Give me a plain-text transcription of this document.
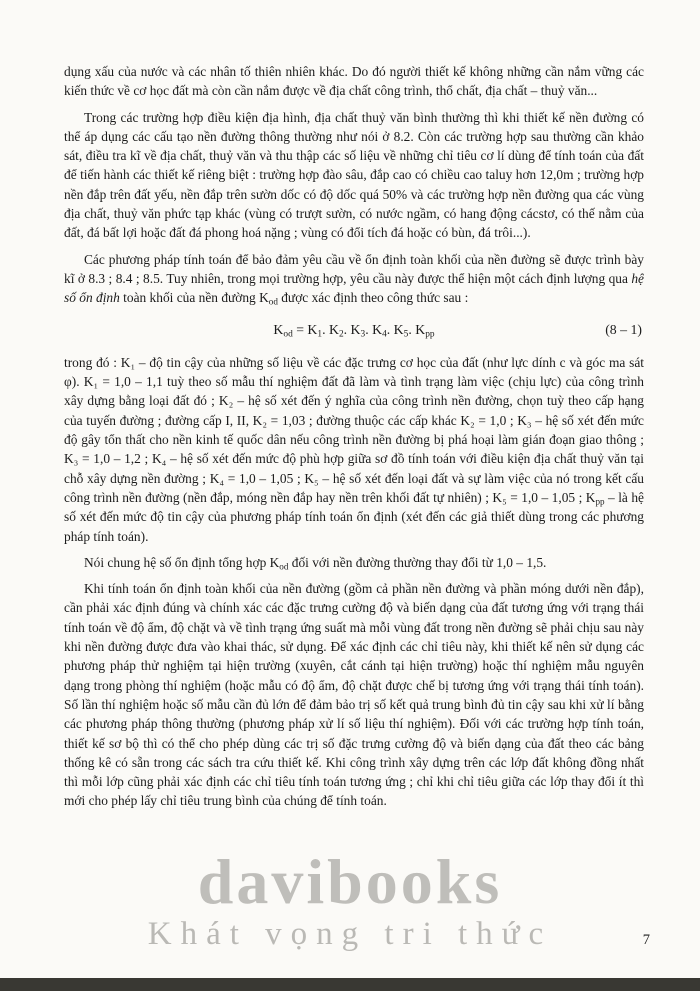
davibooks
Khát vọng tri thức

dụng xấu của nước và các nhân tố thiên nhiên khác. Do đó người thiết kế không những cần nắm vững các kiến thức về cơ học đất mà còn cần nắm được về địa chất công trình, thổ chất, địa chất – thuỷ văn...

Trong các trường hợp điều kiện địa hình, địa chất thuỷ văn bình thường thì khi thiết kế nền đường có thể áp dụng các cấu tạo nền đường thông thường như nói ở 8.2. Còn các trường hợp sau thường cần khảo sát, điều tra kĩ về địa chất, thuỷ văn và thu thập các số liệu về những chỉ tiêu cơ lí dùng để tính toán của đất để tiến hành các thiết kế riêng biệt : trường hợp đào sâu, đắp cao có chiều cao taluy hơn 12,0m ; trường hợp nền đắp trên đất yếu, nền đắp trên sườn dốc có độ dốc quá 50% và các trường hợp nền đường qua các vùng địa chất, thuỷ văn phức tạp khác (vùng có trượt sườn, có nước ngầm, có hang động cácstơ, có thế nằm của đất, đá bất lợi hoặc đất đá phong hoá nặng ; vùng có đổi tích đá hoặc có bùn, đá trôi...).

Các phương pháp tính toán để bảo đảm yêu cầu về ổn định toàn khối của nền đường sẽ được trình bày kĩ ở 8.3 ; 8.4 ; 8.5. Tuy nhiên, trong mọi trường hợp, yêu cầu này được thể hiện một cách định lượng qua hệ số ổn định toàn khối của nền đường $K_{od}$ được xác định theo công thức sau :

$K_{od} = K_1$. $K_2$. $K_3$. $K_4$. $K_5$. $K_{pp}$	(8 – 1)

trong đó : K₁ – độ tin cậy của những số liệu về các đặc trưng cơ học của đất (như lực dính c và góc ma sát φ). K₁ = 1,0 – 1,1 tuỳ theo số mẫu thí nghiệm đất đã làm và tình trạng làm việc (chịu lực) của công trình xây dựng bằng loại đất đó ; K₂ – hệ số xét đến ý nghĩa của công trình nền đường, chọn tuỳ theo cấp hạng của tuyến đường ; đường cấp I, II, K₂ = 1,03 ; đường thuộc các cấp khác K₂ = 1,0 ; K₃ – hệ số xét đến mức độ gây tổn thất cho nền kinh tế quốc dân nếu công trình nền đường bị phá hoại làm gián đoạn giao thông ; K₃ = 1,0 – 1,2 ; K₄ – hệ số xét đến mức độ phù hợp giữa sơ đồ tính toán với điều kiện địa chất thuỷ văn tại chỗ xây dựng nền đường ; K₄ = 1,0 – 1,05 ; K₅ – hệ số xét đến loại đất và sự làm việc của nó trong kết cấu công trình nền đường (nền đắp, móng nền đắp hay nền trên khối đất tự nhiên) ; K₅ = 1,0 – 1,05 ; $K_{pp}$ – là hệ số xét đến mức độ tin cậy của phương pháp tính toán ổn định (xét đến các giả thiết dùng trong các phương pháp tính toán).

Nói chung hệ số ổn định tổng hợp $K_{od}$ đối với nền đường thường thay đổi từ 1,0 – 1,5.

Khi tính toán ổn định toàn khối của nền đường (gồm cả phần nền đường và phần móng dưới nền đắp), cần phải xác định đúng và chính xác các đặc trưng cường độ và biến dạng của đất tương ứng với trạng thái tính toán về độ ẩm, độ chặt và về tình trạng ứng suất mà mỗi vùng đất trong nền đường sẽ phải chịu sau này khi nền đường được đưa vào khai thác, sử dụng. Để xác định các chỉ tiêu này, khi thiết kế nên sử dụng các phương pháp thử nghiệm tại hiện trường (xuyên, cắt cánh tại hiện trường) hoặc thí nghiệm mẫu nguyên dạng trong phòng thí nghiệm (hoặc mẫu có độ ẩm, độ chặt được chế bị tương ứng với trạng thái tính toán). Số lần thí nghiệm hoặc số mẫu cần đủ lớn để đảm bảo trị số kết quả trung bình đủ tin cậy sau khi xử lí bằng các phương pháp thông thường (phương pháp xử lí số liệu thí nghiệm). Đối với các trường hợp tính toán, thiết kế sơ bộ thì có thể cho phép dùng các trị số đặc trưng cường độ và biến dạng của đất theo các bảng thống kê có sẵn trong các sách tra cứu thiết kế. Khi công trình xây dựng trên các lớp đất không đồng nhất thì mỗi lớp cũng phải xác định các chỉ tiêu tính toán tương ứng ; chỉ khi chỉ tiêu giữa các lớp thay đổi ít thì mới cho phép lấy chỉ tiêu trung bình của chúng để tính toán.

7
